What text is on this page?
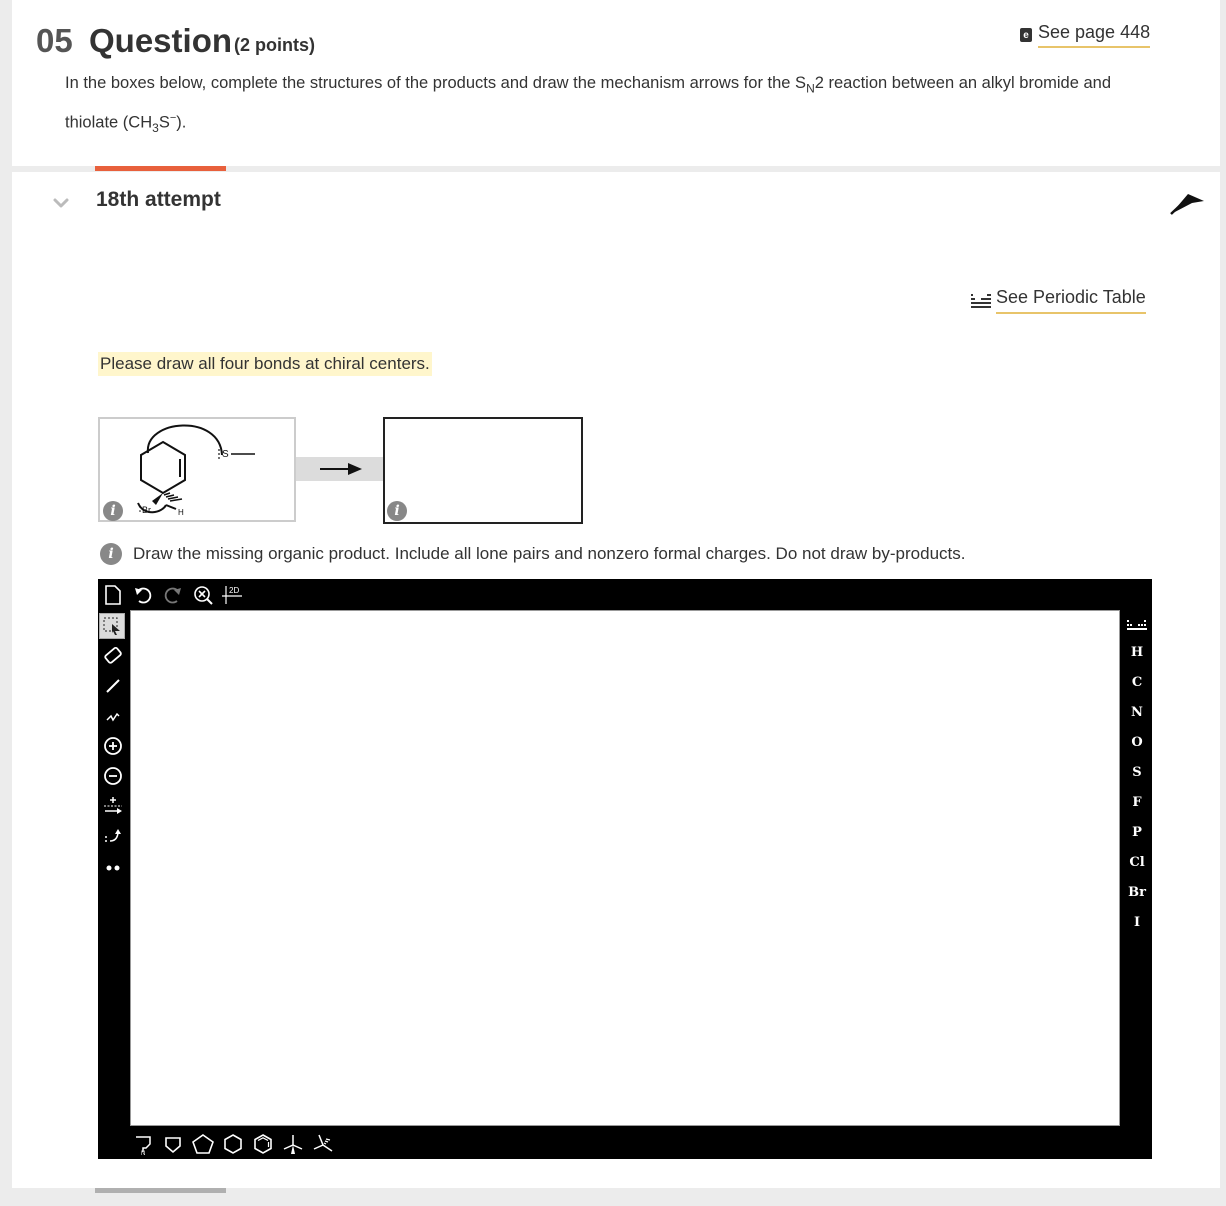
05 Question (2 points)	e See page 448
In the boxes below, complete the structures of the products and draw the mechanism arrows for the $S_N2$ reaction between an alkyl bromide and thiolate $(CH_3S^-)$.
18th attempt
See Periodic Table
Please draw all four bonds at chiral centers.
S
Br	H
i	i
i	Draw the missing organic product. Include all lone pairs and nonzero formal charges. Do not draw by-products.
2D
H
C
N
O
S
F
P
Cl
Br
I
N
